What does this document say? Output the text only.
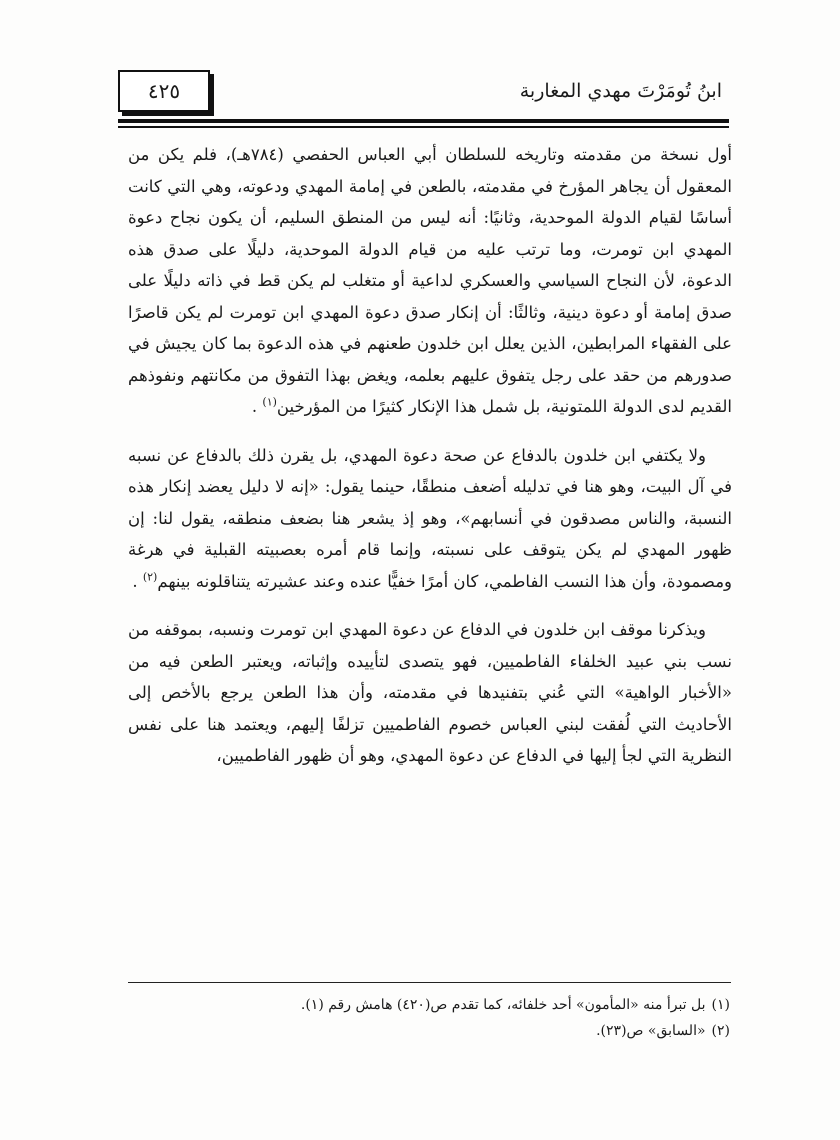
ابنُ تُومَرْتَ مهدي المغاربة
٤٢٥

أول نسخة من مقدمته وتاريخه للسلطان أبي العباس الحفصي (٧٨٤هـ)، فلم يكن من المعقول أن يجاهر المؤرخ في مقدمته، بالطعن في إمامة المهدي ودعوته، وهي التي كانت أساسًا لقيام الدولة الموحدية، وثانيًا: أنه ليس من المنطق السليم، أن يكون نجاح دعوة المهدي ابن تومرت، وما ترتب عليه من قيام الدولة الموحدية، دليلًا على صدق هذه الدعوة، لأن النجاح السياسي والعسكري لداعية أو متغلب لم يكن قط في ذاته دليلًا على صدق إمامة أو دعوة دينية، وثالثًا: أن إنكار صدق دعوة المهدي ابن تومرت لم يكن قاصرًا على الفقهاء المرابطين، الذين يعلل ابن خلدون طعنهم في هذه الدعوة بما كان يجيش في صدورهم من حقد على رجل يتفوق عليهم بعلمه، ويغض بهذا التفوق من مكانتهم ونفوذهم القديم لدى الدولة اللمتونية، بل شمل هذا الإنكار كثيرًا من المؤرخين$^{(١)}$ .

ولا يكتفي ابن خلدون بالدفاع عن صحة دعوة المهدي، بل يقرن ذلك بالدفاع عن نسبه في آل البيت، وهو هنا في تدليله أضعف منطقًا، حينما يقول: «إنه لا دليل يعضد إنكار هذه النسبة، والناس مصدقون في أنسابهم»، وهو إذ يشعر هنا بضعف منطقه، يقول لنا: إن ظهور المهدي لم يكن يتوقف على نسبته، وإنما قام أمره بعصبيته القبلية في هرغة ومصمودة، وأن هذا النسب الفاطمي، كان أمرًا خفيًّا عنده وعند عشيرته يتناقلونه بينهم$^{(٢)}$ .

ويذكرنا موقف ابن خلدون في الدفاع عن دعوة المهدي ابن تومرت ونسبه، بموقفه من نسب بني عبيد الخلفاء الفاطميين، فهو يتصدى لتأييده وإثباته، ويعتبر الطعن فيه من «الأخبار الواهية» التي عُني بتفنيدها في مقدمته، وأن هذا الطعن يرجع بالأخص إلى الأحاديث التي لُفقت لبني العباس خصوم الفاطميين تزلفًا إليهم، ويعتمد هنا على نفس النظرية التي لجأ إليها في الدفاع عن دعوة المهدي، وهو أن ظهور الفاطميين،

(١)بل تبرأ منه «المأمون» أحد خلفائه، كما تقدم ص(٤٢٠) هامش رقم (١).

(٢)«السابق» ص(٢٣).
